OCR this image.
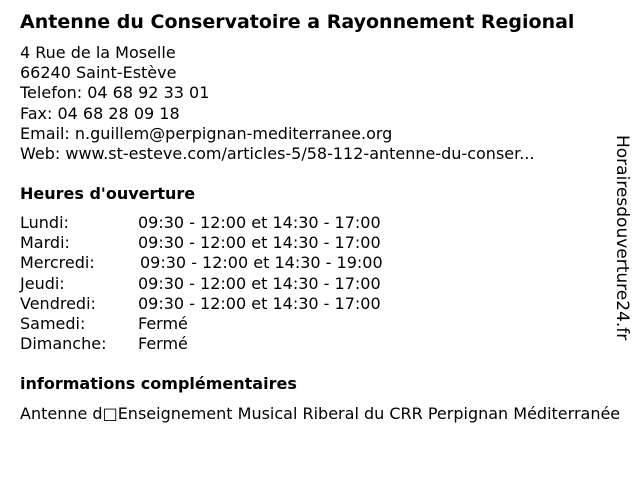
Antenne du Conservatoire a Rayonnement Regional
4 Rue de la Moselle
66240 Saint-Estève
Telefon: 04 68 92 33 01
Fax: 04 68 28 09 18
Email: n.guillem@perpignan-mediterranee.org
Web: www.st-esteve.com/articles-5/58-112-antenne-du-conser...
Heures d'ouverture
Lundi:	09:30 - 12:00 et 14:30 - 17:00
Mardi:	09:30 - 12:00 et 14:30 - 17:00
Mercredi:	09:30 - 12:00 et 14:30 - 19:00
Jeudi:	09:30 - 12:00 et 14:30 - 17:00
Vendredi:	09:30 - 12:00 et 14:30 - 17:00
Samedi:	Fermé
Dimanche: Fermé
informations complémentaires
Antenne d□Enseignement Musical Riberal du CRR Perpignan Méditerranée
Horairesdouverture24.fr
